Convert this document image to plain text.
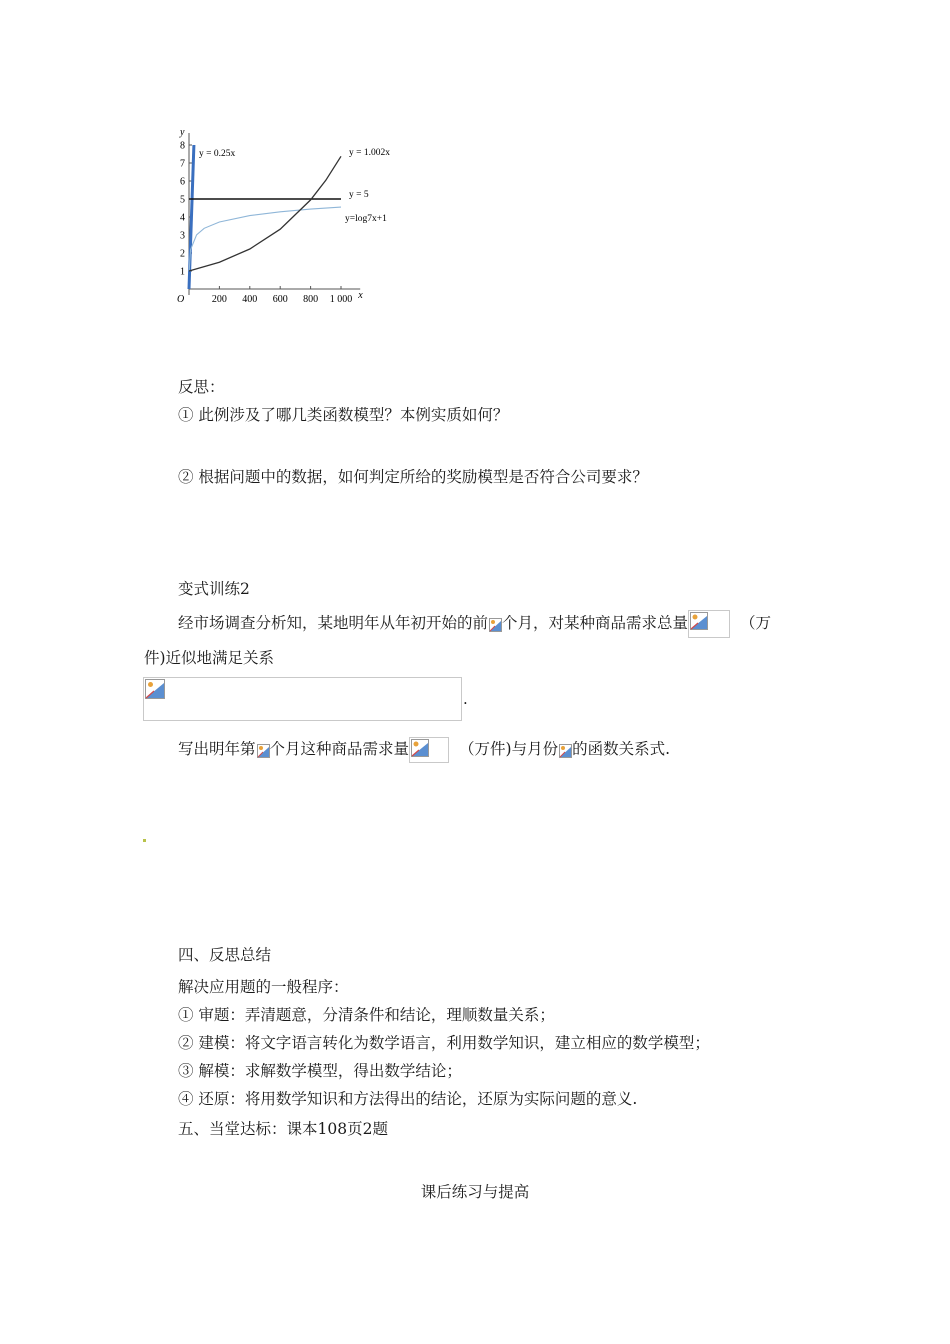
x
y
O	200 400 600 800 1 000
1
2
3
4
5
6
7
8
y = 0.25x
y = 5
y=log7x+1
y = 1.002x
反思：
① 此例涉及了哪几类函数模型？本例实质如何？
② 根据问题中的数据，如何判定所给的奖励模型是否符合公司要求？
变式训练2
经市场调查分析知，某地明年从年初开始的前 个月，对某种商品需求总量	（万
件)近似地满足关系
.
写出明年第 个月这种商品需求量	（万件)与月份 的函数关系式.
四、反思总结
解决应用题的一般程序：
① 审题：弄清题意，分清条件和结论，理顺数量关系；
② 建模：将文字语言转化为数学语言，利用数学知识，建立相应的数学模型；
③ 解模：求解数学模型，得出数学结论；
④ 还原：将用数学知识和方法得出的结论，还原为实际问题的意义.
五、当堂达标：课本108页2题
课后练习与提高
